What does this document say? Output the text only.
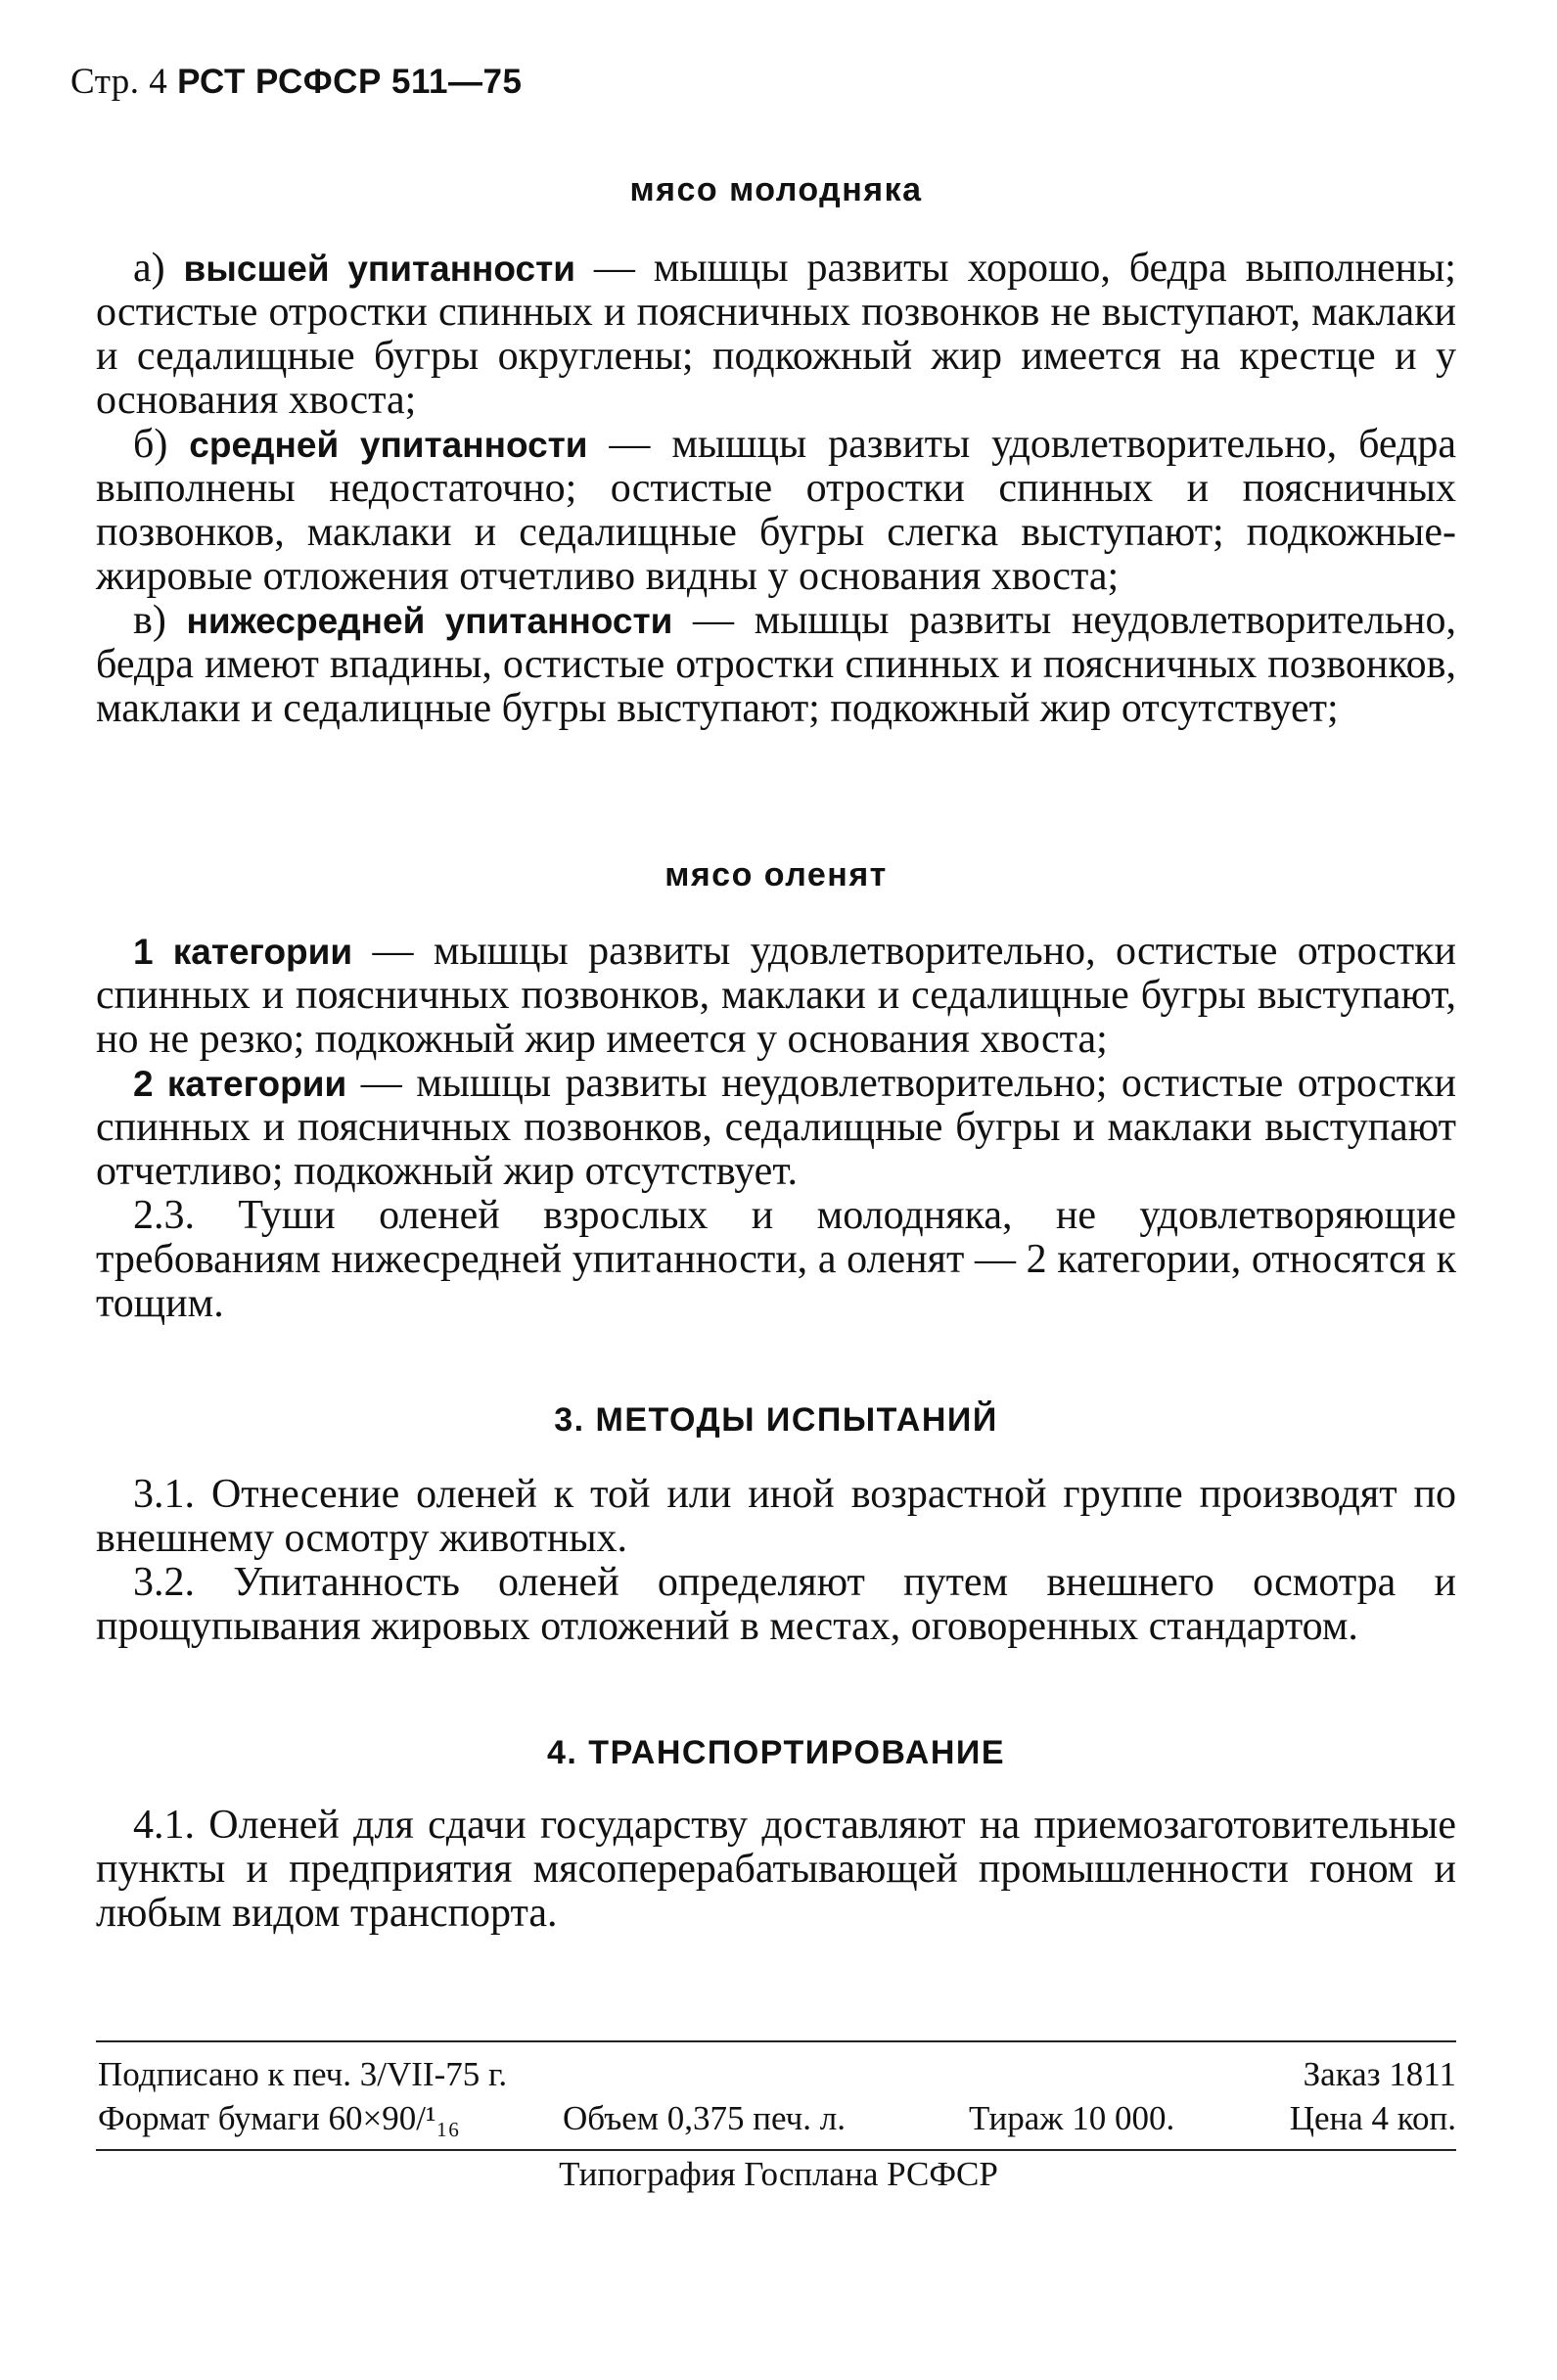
Стр. 4 РСТ РСФСР 511—75
мясо молодняка

а) высшей упитанности — мышцы развиты хорошо, бедра выполнены; остистые отростки спинных и поясничных позвонков не выступают, маклаки и седалищные бугры округлены; подкожный жир имеется на крестце и у основания хвоста;

б) средней упитанности — мышцы развиты удовлетворительно, бедра выполнены недостаточно; остистые отростки спинных и поясничных позвонков, маклаки и седалищные бугры слегка выступают; подкожные-жировые отложения отчетливо видны у основания хвоста;

в) нижесредней упитанности — мышцы развиты неудовлетворительно, бедра имеют впадины, остистые отростки спинных и поясничных позвонков, маклаки и седалицные бугры выступают; подкожный жир отсутствует;

мясо оленят

1 категории — мышцы развиты удовлетворительно, остистые отростки спинных и поясничных позвонков, маклаки и седалищные бугры выступают, но не резко; подкожный жир имеется у основания хвоста;

2 категории — мышцы развиты неудовлетворительно; остистые отростки спинных и поясничных позвонков, седалищные бугры и маклаки выступают отчетливо; подкожный жир отсутствует.

2.3. Туши оленей взрослых и молодняка, не удовлетворяющие требованиям нижесредней упитанности, а оленят — 2 категории, относятся к тощим.

3. МЕТОДЫ ИСПЫТАНИЙ

3.1. Отнесение оленей к той или иной возрастной группе производят по внешнему осмотру животных.

3.2. Упитанность оленей определяют путем внешнего осмотра и прощупывания жировых отложений в местах, оговоренных стандартом.

4. ТРАНСПОРТИРОВАНИЕ

4.1. Оленей для сдачи государству доставляют на приемозаготовительные пункты и предприятия мясоперерабатывающей промышленности гоном и любым видом транспорта.

Подписано к печ. 3/VII-75 г.	Заказ 1811
Формат бумаги 60×90/¹₁₆	Объем 0,375 печ. л.	Тираж 10 000.	Цена 4 коп.
Типография Госплана РСФСР
